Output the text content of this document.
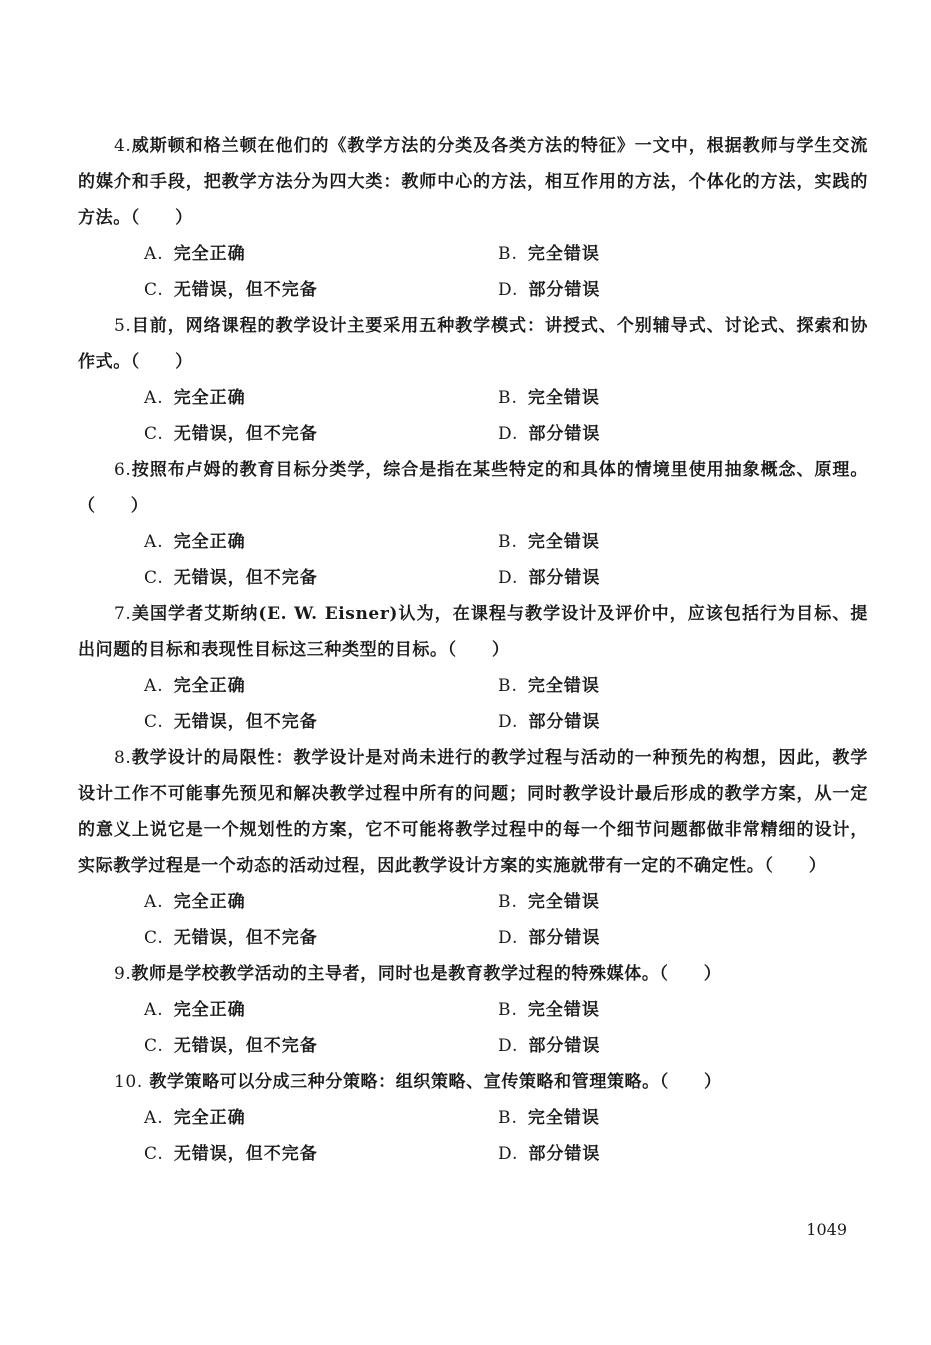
4.威斯顿和格兰顿在他们的《教学方法的分类及各类方法的特征》一文中，根据教师与学生交流的媒介和手段，把教学方法分为四大类：教师中心的方法，相互作用的方法，个体化的方法，实践的方法。（　　）

A. 完全正确	B. 完全错误
C. 无错误，但不完备	D. 部分错误

5.目前，网络课程的教学设计主要采用五种教学模式：讲授式、个别辅导式、讨论式、探索和协作式。（　　）

A. 完全正确	B. 完全错误
C. 无错误，但不完备	D. 部分错误

6.按照布卢姆的教育目标分类学，综合是指在某些特定的和具体的情境里使用抽象概念、原理。（　　）

A. 完全正确	B. 完全错误
C. 无错误，但不完备	D. 部分错误

7.美国学者艾斯纳(E. W. Eisner)认为，在课程与教学设计及评价中，应该包括行为目标、提出问题的目标和表现性目标这三种类型的目标。（　　）

A. 完全正确	B. 完全错误
C. 无错误，但不完备	D. 部分错误

8.教学设计的局限性：教学设计是对尚未进行的教学过程与活动的一种预先的构想，因此，教学设计工作不可能事先预见和解决教学过程中所有的问题；同时教学设计最后形成的教学方案，从一定的意义上说它是一个规划性的方案，它不可能将教学过程中的每一个细节问题都做非常精细的设计，实际教学过程是一个动态的活动过程，因此教学设计方案的实施就带有一定的不确定性。（　　）

A. 完全正确	B. 完全错误
C. 无错误，但不完备	D. 部分错误

9.教师是学校教学活动的主导者，同时也是教育教学过程的特殊媒体。（　　）

A. 完全正确	B. 完全错误
C. 无错误，但不完备	D. 部分错误

10. 教学策略可以分成三种分策略：组织策略、宣传策略和管理策略。（　　）

A. 完全正确	B. 完全错误
C. 无错误，但不完备	D. 部分错误
1049
